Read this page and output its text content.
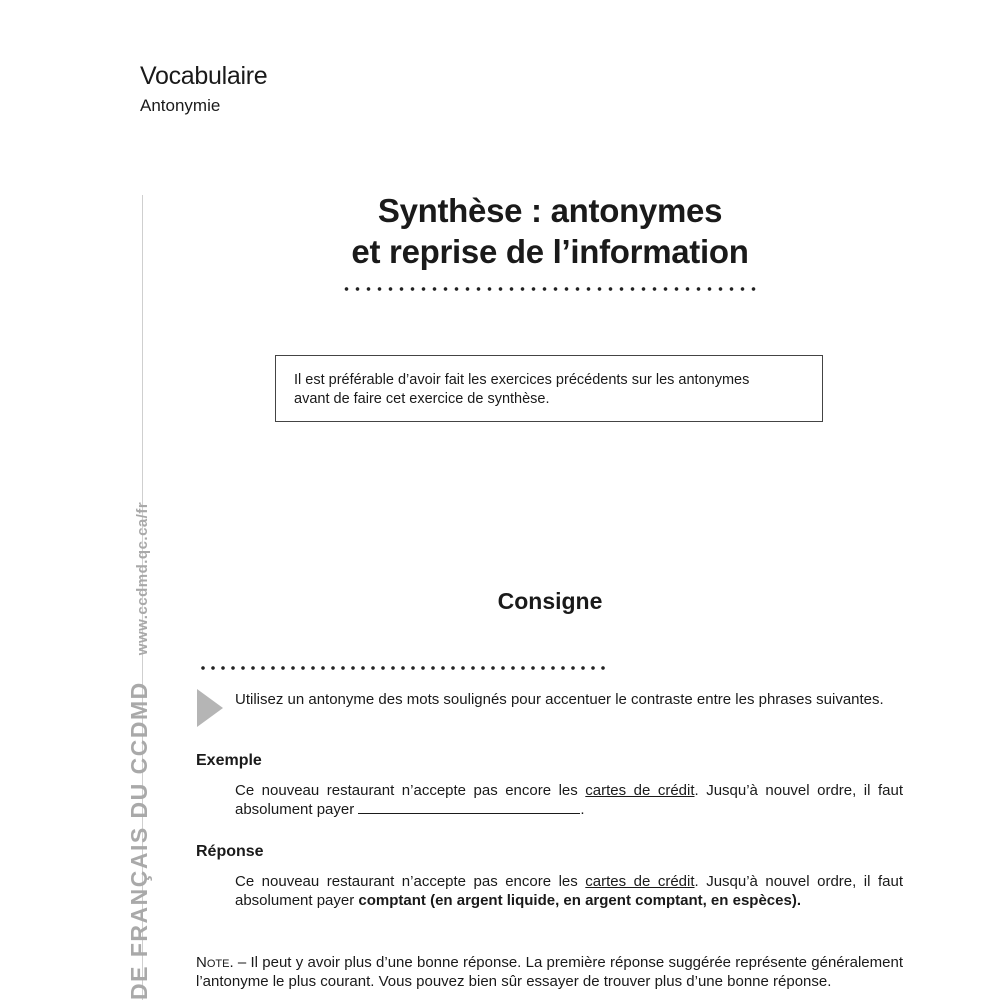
Vocabulaire
Antonymie
DE FRANÇAIS DU CCDMDwww.ccdmd.qc.ca/fr
Synthèse : antonymes
et reprise de l’information
Il est préférable d’avoir fait les exercices précédents sur les antonymes
avant de faire cet exercice de synthèse.
Consigne
Utilisez un antonyme des mots soulignés pour accentuer le contraste entre les phrases suivantes.
Exemple
Ce nouveau restaurant n’accepte pas encore les cartes de crédit. Jusqu’à nouvel ordre, il faut absolument payer	.
Réponse
Ce nouveau restaurant n’accepte pas encore les cartes de crédit. Jusqu’à nouvel ordre, il faut absolument payer comptant (en argent liquide, en argent comptant, en espèces).
Note. – Il peut y avoir plus d’une bonne réponse. La première réponse suggérée représente généralement l’antonyme le plus courant. Vous pouvez bien sûr essayer de trouver plus d’une bonne réponse.
